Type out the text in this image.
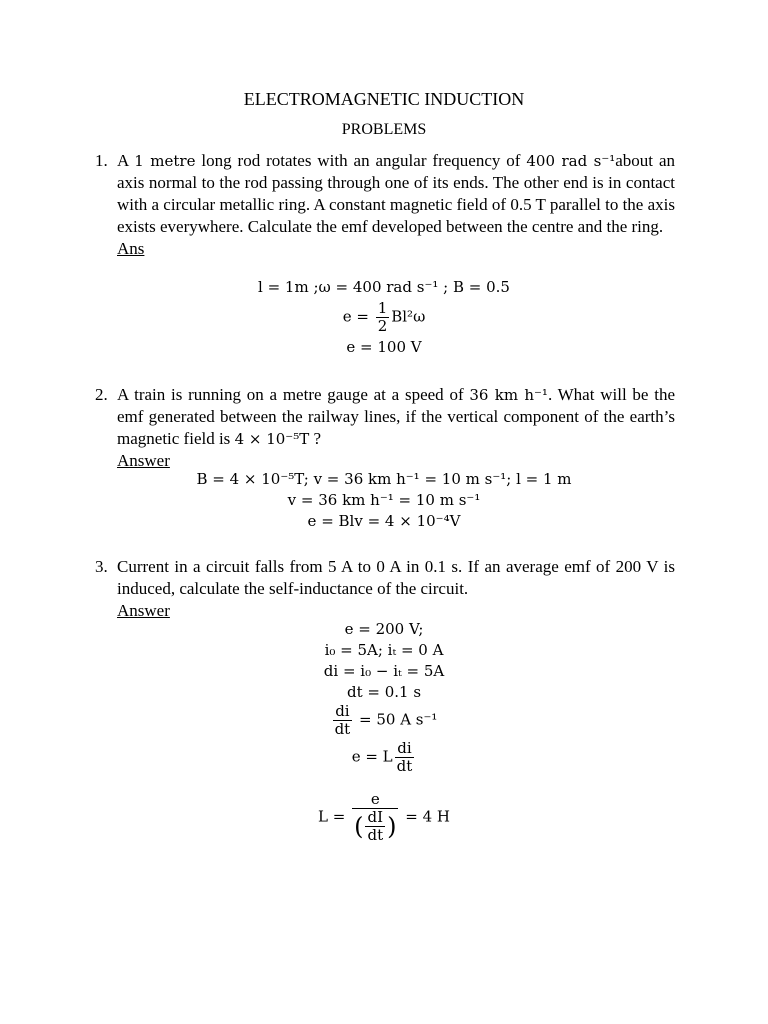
ELECTROMAGNETIC INDUCTION
PROBLEMS
1. A 1 metre long rod rotates with an angular frequency of 400 rad s⁻¹about an axis normal to the rod passing through one of its ends. The other end is in contact with a circular metallic ring. A constant magnetic field of 0.5 T parallel to the axis exists everywhere. Calculate the emf developed between the centre and the ring.
Ans
l = 1m ;ω = 400 rad s⁻¹ ; B = 0.5
$e = \frac{1}{2} Bl^2\omega$
e = 100 V
2. A train is running on a metre gauge at a speed of 36 km h⁻¹. What will be the emf generated between the railway lines, if the vertical component of the earth’s magnetic field is 4 × 10⁻⁵T ?
Answer
B = 4 × 10⁻⁵T; v = 36 km h⁻¹ = 10 m s⁻¹; l = 1 m
v = 36 km h⁻¹ = 10 m s⁻¹
e = Blv = 4 × 10⁻⁴V
3. Current in a circuit falls from 5 A to 0 A in 0.1 s. If an average emf of 200 V is induced, calculate the self-inductance of the circuit.
Answer
e = 200 V;
i₀ = 5A; iₜ = 0 A
di = i₀ − iₜ = 5A
dt = 0.1 s
$\frac{di}{dt} = 50$ A s⁻¹
e = L $\frac{di}{dt}$
$L = \frac{e}{( \frac{dI}{dt} )} = 4$ H
